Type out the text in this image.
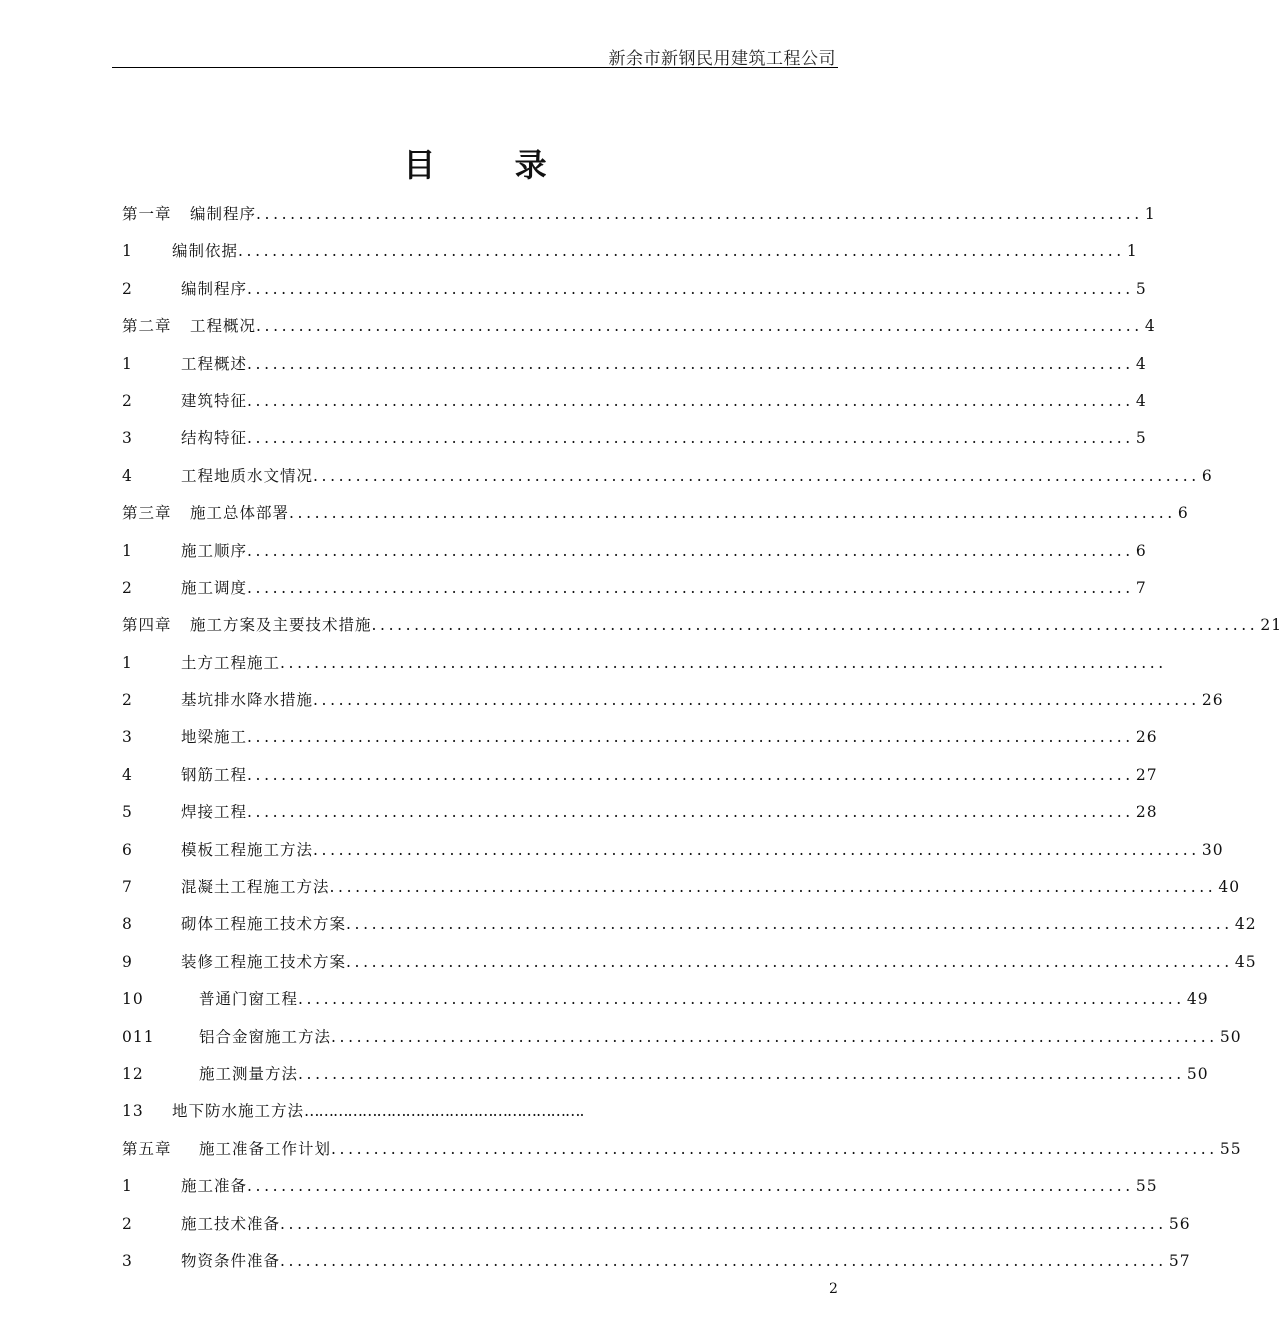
新余市新钢民用建筑工程公司
目 录
第一章	编制程序 ........................................................................................................ 1
1	编制依据 ........................................................................................................ 1
2	编制程序 ........................................................................................................ 5
第二章	工程概况 ........................................................................................................ 4
1	工程概述 ........................................................................................................ 4
2	建筑特征 ........................................................................................................ 4
3	结构特征 ........................................................................................................ 5
4	工程地质水文情况 ........................................................................................................ 6
第三章	施工总体部署 ........................................................................................................ 6
1	施工顺序 ........................................................................................................ 6
2	施工调度 ........................................................................................................ 7
第四章	施工方案及主要技术措施 ........................................................................................................ 21
1	土方工程施工 ........................................................................................................
2	基坑排水降水措施 ........................................................................................................ 26
3	地梁施工 ........................................................................................................ 26
4	钢筋工程 ........................................................................................................ 27
5	焊接工程 ........................................................................................................ 28
6	模板工程施工方法 ........................................................................................................ 30
7	混凝土工程施工方法 ........................................................................................................ 40
8	砌体工程施工技术方案 ........................................................................................................ 42
9	装修工程施工技术方案 ........................................................................................................ 45
10	普通门窗工程 ........................................................................................................ 49
011	铝合金窗施工方法 ........................................................................................................ 50
12	施工测量方法 ........................................................................................................ 50
13	地下防水施工方法 ………………………………………………….
第五章	施工准备工作计划 ........................................................................................................ 55
1	施工准备 ........................................................................................................ 55
2	施工技术准备 ........................................................................................................ 56
3	物资条件准备 ........................................................................................................ 57
2
